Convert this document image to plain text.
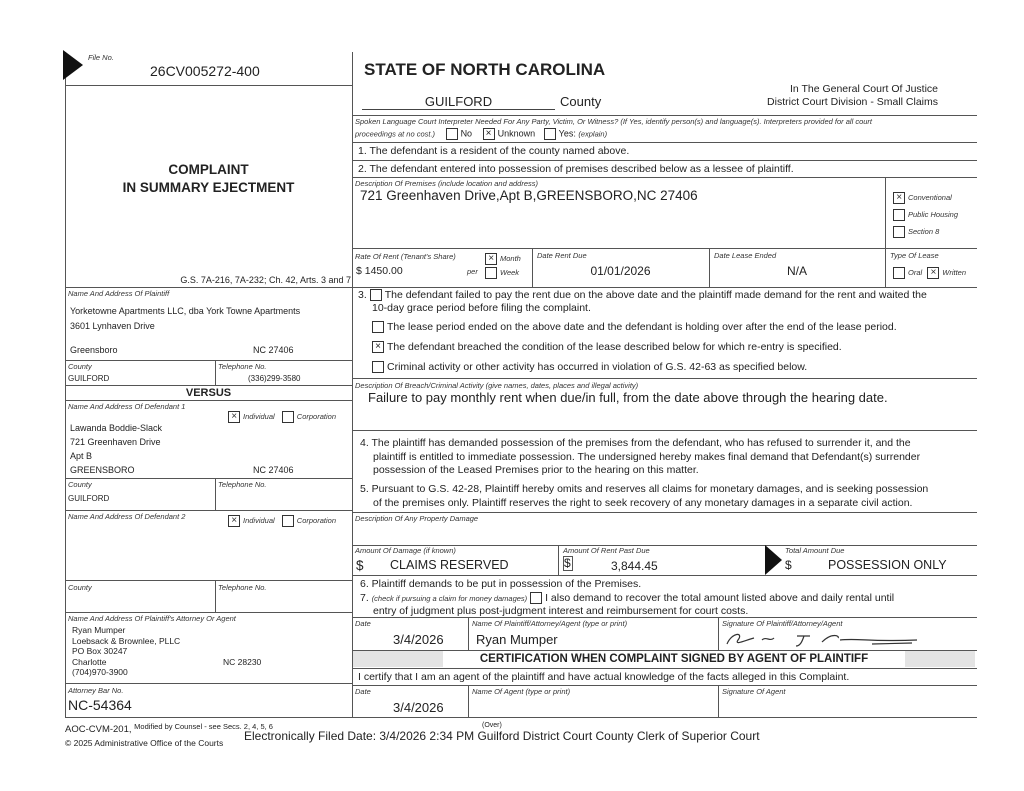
File No.
26CV005272-400	STATE OF NORTH CAROLINA
GUILFORD	County
In The General Court Of Justice
District Court Division - Small Claims
COMPLAINT
IN SUMMARY EJECTMENT
G.S. 7A-216, 7A-232; Ch. 42, Arts. 3 and 7
Spoken Language Court Interpreter Needed For Any Party, Victim, Or Witness? (If Yes, identify person(s) and language(s). Interpreters provided for all court
proceedings at no cost.)	No × Unknown	Yes: (explain)
1. The defendant is a resident of the county named above.
2. The defendant entered into possession of premises described below as a lessee of plaintiff.
Description Of Premises (include location and address)
721 Greenhaven Drive,Apt B,GREENSBORO,NC 27406	× Conventional
Public Housing
Section 8
Rate Of Rent (Tenant's Share)
$ 1450.00	per
× Month
Week
Date Rent Due
01/01/2026
Date Lease Ended
N/A
Type Of Lease
Oral × Written
Name And Address Of Plaintiff
Yorketowne Apartments LLC, dba York Towne Apartments
3601 Lynhaven Drive
Greensboro	NC 27406
County
GUILFORD
Telephone No.
(336)299-3580
VERSUS
Name And Address Of Defendant 1
× Individual	Corporation
Lawanda Boddie-Slack
721 Greenhaven Drive
Apt B
GREENSBORO	NC 27406
County
GUILFORD
Telephone No.
Name And Address Of Defendant 2	× Individual	Corporation
County	Telephone No.
Name And Address Of Plaintiff's Attorney Or Agent
Ryan Mumper
Loebsack & Brownlee, PLLC
PO Box 30247
Charlotte
(704)970-3900
NC 28230
Attorney Bar No.
NC-54364
3. The defendant failed to pay the rent due on the above date and the plaintiff made demand for the rent and waited the
10-day grace period before filing the complaint.
The lease period ended on the above date and the defendant is holding over after the end of the lease period.
× The defendant breached the condition of the lease described below for which re-entry is specified.
Criminal activity or other activity has occurred in violation of G.S. 42-63 as specified below.
Description Of Breach/Criminal Activity (give names, dates, places and illegal activity)
Failure to pay monthly rent when due/in full, from the date above through the hearing date.
4. The plaintiff has demanded possession of the premises from the defendant, who has refused to surrender it, and the
plaintiff is entitled to immediate possession. The undersigned hereby makes final demand that Defendant(s) surrender
possession of the Leased Premises prior to the hearing on this matter.
5. Pursuant to G.S. 42-28, Plaintiff hereby omits and reserves all claims for monetary damages, and is seeking possession
of the premises only. Plaintiff reserves the right to seek recovery of any monetary damages in a separate civil action.
Description Of Any Property Damage
Amount Of Damage (if known)
$ CLAIMS RESERVED
Amount Of Rent Past Due
$	3,844.45
Total Amount Due
$	POSSESSION ONLY
6. Plaintiff demands to be put in possession of the Premises.
7. (check if pursuing a claim for money damages) I also demand to recover the total amount listed above and daily rental until
entry of judgment plus post-judgment interest and reimbursement for court costs.
Date
3/4/2026
Name Of Plaintiff/Attorney/Agent (type or print)
Ryan Mumper
Signature Of Plaintiff/Attorney/Agent
CERTIFICATION WHEN COMPLAINT SIGNED BY AGENT OF PLAINTIFF
I certify that I am an agent of the plaintiff and have actual knowledge of the facts alleged in this Complaint.
Date
3/4/2026
Name Of Agent (type or print)	Signature Of Agent
AOC-CVM-201, $^{Modified by Counsel - see Secs. 2, 4, 5, 6}$
© 2025 Administrative Office of the Courts
(Over)
Electronically Filed Date: 3/4/2026 2:34 PM Guilford District Court County Clerk of Superior Court
